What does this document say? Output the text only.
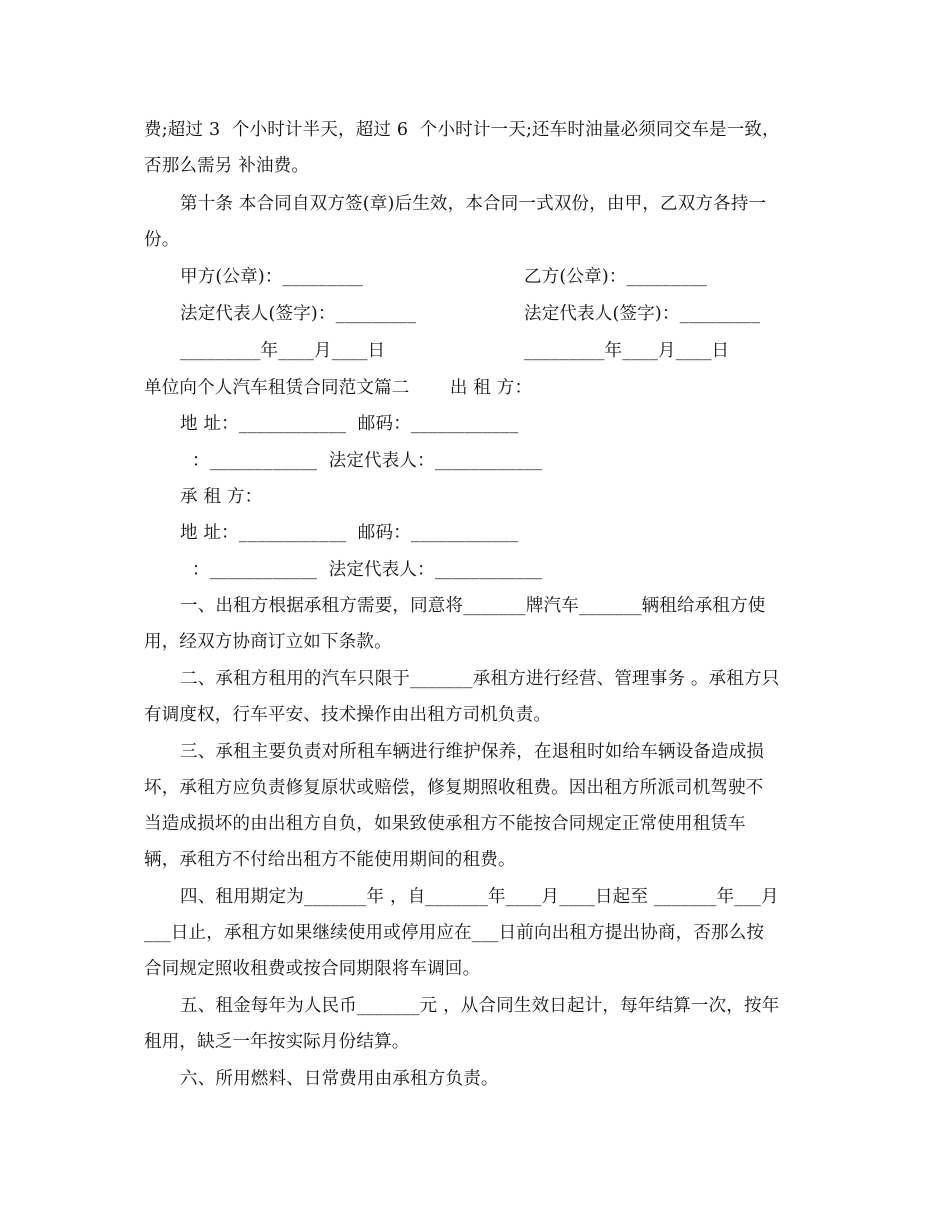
费;超过 3  个小时计半天，超过 6  个小时计一天;还车时油量必须同交车是一致，
否那么需另 补油费。
第十条 本合同自双方签(章)后生效，本合同一式双份，由甲，乙双方各持一
份。
甲方(公章)：_________	乙方(公章)：_________
法定代表人(签字)：_________	法定代表人(签字)：_________
_________年____月____日	_________年____月____日
单位向个人汽车租赁合同范文篇二       出 租 方：
地 址：____________  邮码：____________
：____________  法定代表人：____________
承 租 方：
地 址：____________  邮码：____________
：____________  法定代表人：____________
一、出租方根据承租方需要，同意将_______牌汽车_______辆租给承租方使
用，经双方协商订立如下条款。
二、承租方租用的汽车只限于_______承租方进行经营、管理事务 。承租方只
有调度权，行车平安、技术操作由出租方司机负责。
三、承租主要负责对所租车辆进行维护保养，在退租时如给车辆设备造成损
坏，承租方应负责修复原状或赔偿，修复期照收租费。因出租方所派司机驾驶不
当造成损坏的由出租方自负，如果致使承租方不能按合同规定正常使用租赁车
辆，承租方不付给出租方不能使用期间的租费。
四、租用期定为_______年 ，自_______年____月____日起至 _______年___月
___日止，承租方如果继续使用或停用应在___日前向出租方提出协商，否那么按
合同规定照收租费或按合同期限将车调回。
五、租金每年为人民币_______元 ，从合同生效日起计，每年结算一次，按年
租用，缺乏一年按实际月份结算。
六、所用燃料、日常费用由承租方负责。
